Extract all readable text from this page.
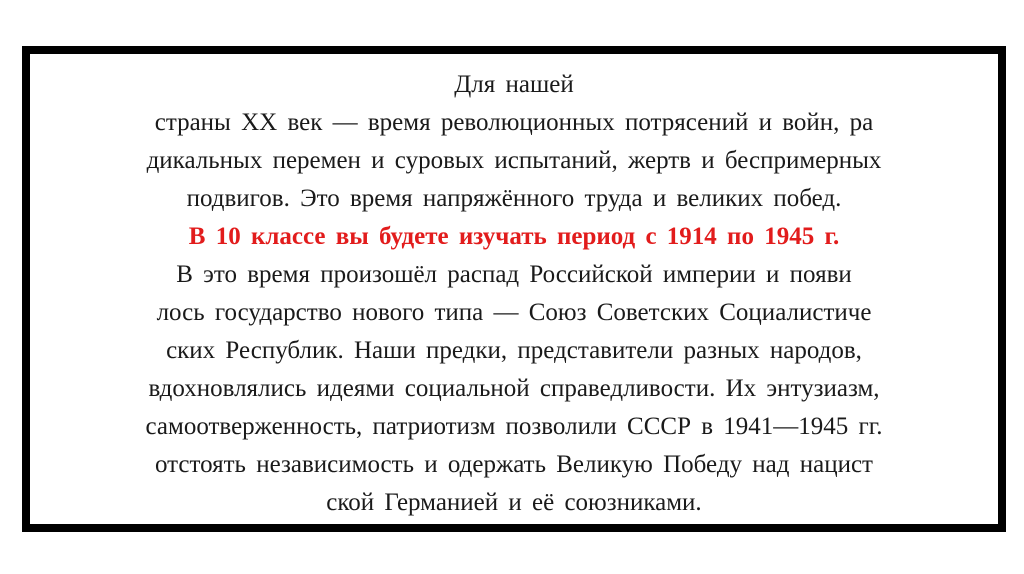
Для нашей
страны XX век — время революционных потрясений и войн, ра
дикальных перемен и суровых испытаний, жертв и беспримерных
подвигов. Это время напряжённого труда и великих побед.
В 10 классе вы будете изучать период с 1914 по 1945 г.
В это время произошёл распад Российской империи и появи
лось государство нового типа — Союз Советских Социалистиче
ских Республик. Наши предки, представители разных народов,
вдохновлялись идеями социальной справедливости. Их энтузиазм,
самоотверженность, патриотизм позволили СССР в 1941—1945 гг.
отстоять независимость и одержать Великую Победу над нацист
ской Германией и её союзниками.
